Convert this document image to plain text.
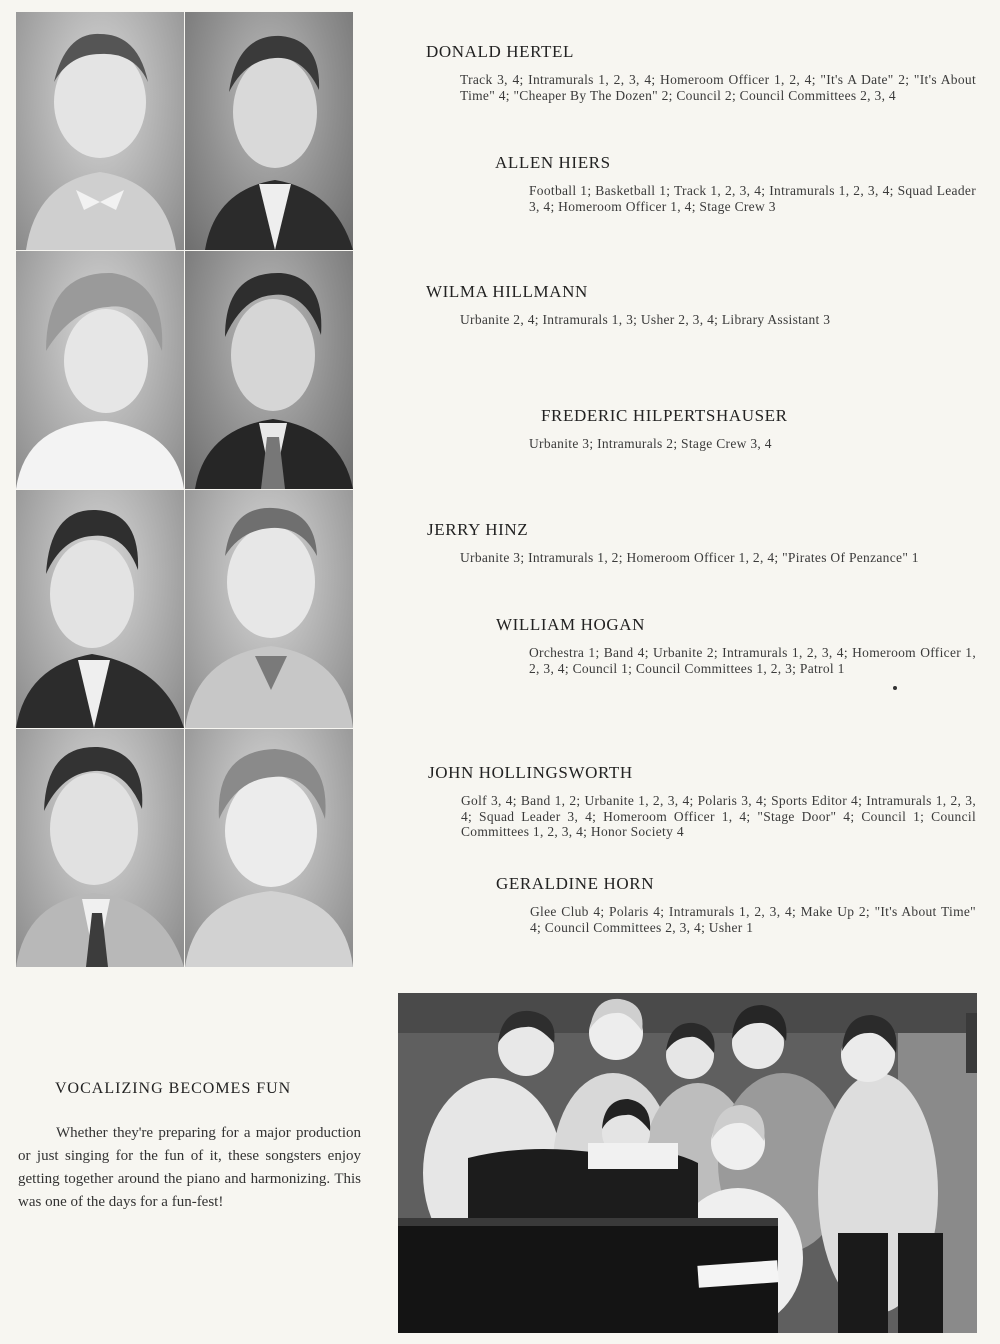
DONALD HERTEL

Track 3, 4; Intramurals 1, 2, 3, 4; Homeroom Officer 1, 2, 4; "It's A Date" 2; "It's About Time" 4; "Cheaper By The Dozen" 2; Council 2; Council Committees 2, 3, 4

ALLEN HIERS

Football 1; Basketball 1; Track 1, 2, 3, 4; Intramurals 1, 2, 3, 4; Squad Leader 3, 4; Homeroom Officer 1, 4; Stage Crew 3

WILMA HILLMANN

Urbanite 2, 4; Intramurals 1, 3; Usher 2, 3, 4; Library Assistant 3

FREDERIC HILPERTSHAUSER

Urbanite 3; Intramurals 2; Stage Crew 3, 4

JERRY HINZ

Urbanite 3; Intramurals 1, 2; Homeroom Officer 1, 2, 4; "Pirates Of Penzance" 1

WILLIAM HOGAN

Orchestra 1; Band 4; Urbanite 2; Intramurals 1, 2, 3, 4; Homeroom Officer 1, 2, 3, 4; Council 1; Council Committees 1, 2, 3; Patrol 1

JOHN HOLLINGSWORTH

Golf 3, 4; Band 1, 2; Urbanite 1, 2, 3, 4; Polaris 3, 4; Sports Editor 4; Intramurals 1, 2, 3, 4; Squad Leader 3, 4; Homeroom Officer 1, 4; "Stage Door" 4; Council 1; Council Committees 1, 2, 3, 4; Honor Society 4

GERALDINE HORN

Glee Club 4; Polaris 4; Intramurals 1, 2, 3, 4; Make Up 2; "It's About Time" 4; Council Committees 2, 3, 4; Usher 1

VOCALIZING BECOMES FUN

Whether they're preparing for a major production or just singing for the fun of it, these songsters enjoy getting together around the piano and harmonizing. This was one of the days for a fun-fest!
